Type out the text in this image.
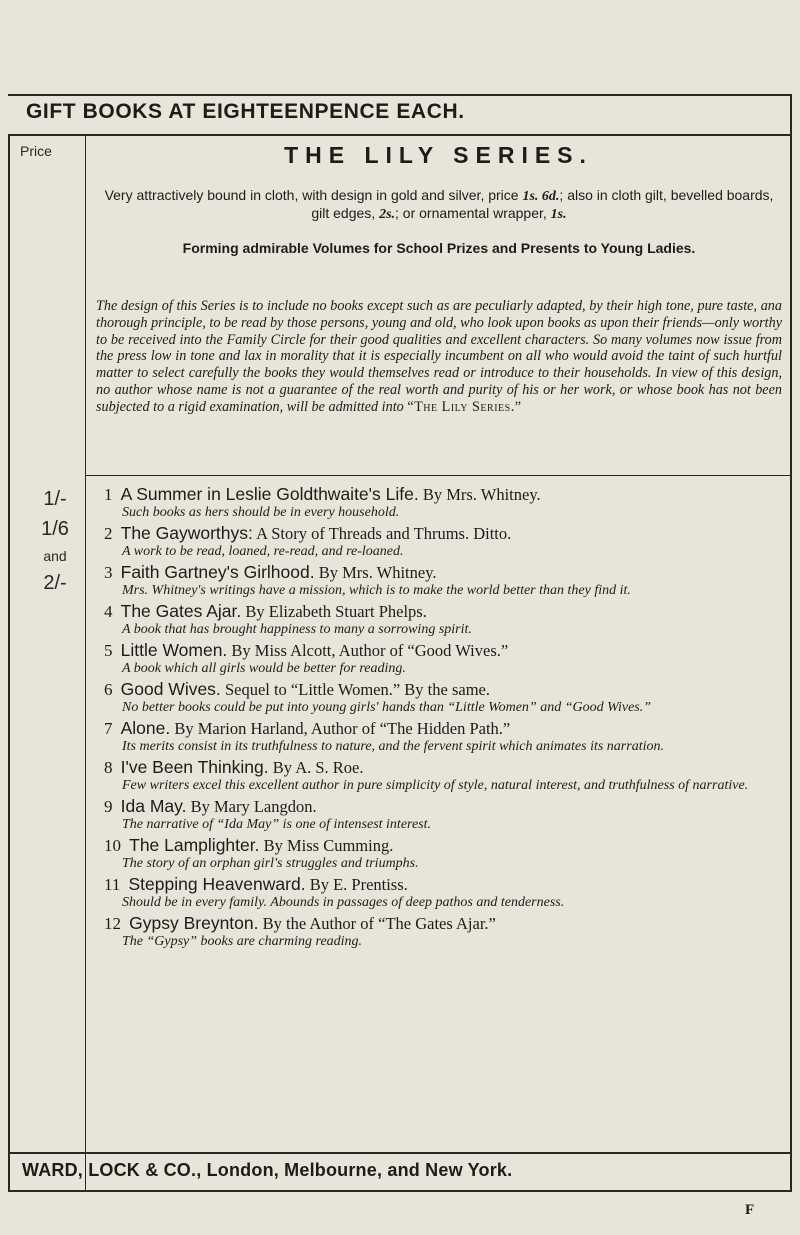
GIFT BOOKS AT EIGHTEENPENCE EACH.
Price	THE LILY SERIES.
Very attractively bound in cloth, with design in gold and silver, price 1s. 6d.; also in cloth gilt, bevelled boards, gilt edges, 2s.; or ornamental wrapper, 1s.
Forming admirable Volumes for School Prizes and Presents to Young Ladies.
The design of this Series is to include no books except such as are peculiarly adapted, by their high tone, pure taste, ana thorough principle, to be read by those persons, young and old, who look upon books as upon their friends—only worthy to be received into the Family Circle for their good qualities and excellent characters. So many volumes now issue from the press low in tone and lax in morality that it is especially incumbent on all who would avoid the taint of such hurtful matter to select carefully the books they would themselves read or introduce to their households. In view of this design, no author whose name is not a guarantee of the real worth and purity of his or her work, or whose book has not been subjected to a rigid examination, will be admitted into “The Lily Series.”
1/-
1/6
and
2/-
1 A Summer in Leslie Goldthwaite's Life. By Mrs. Whitney.
Such books as hers should be in every household.
2 The Gayworthys: A Story of Threads and Thrums. Ditto.
A work to be read, loaned, re-read, and re-loaned.
3 Faith Gartney's Girlhood. By Mrs. Whitney.
Mrs. Whitney's writings have a mission, which is to make the world better than they find it.
4 The Gates Ajar. By Elizabeth Stuart Phelps.
A book that has brought happiness to many a sorrowing spirit.
5 Little Women. By Miss Alcott, Author of “Good Wives.”
A book which all girls would be better for reading.
6 Good Wives. Sequel to “Little Women.” By the same.
No better books could be put into young girls' hands than “Little Women” and “Good Wives.”
7 Alone. By Marion Harland, Author of “The Hidden Path.”
Its merits consist in its truthfulness to nature, and the fervent spirit which animates its narration.
8 I've Been Thinking. By A. S. Roe.
Few writers excel this excellent author in pure simplicity of style, natural interest, and truthfulness of narrative.
9 Ida May. By Mary Langdon.
The narrative of “Ida May” is one of intensest interest.
10 The Lamplighter. By Miss Cumming.
The story of an orphan girl's struggles and triumphs.
11 Stepping Heavenward. By E. Prentiss.
Should be in every family. Abounds in passages of deep pathos and tenderness.
12 Gypsy Breynton. By the Author of “The Gates Ajar.”
The “Gypsy” books are charming reading.
WARD, LOCK & CO., London, Melbourne, and New York.
F
